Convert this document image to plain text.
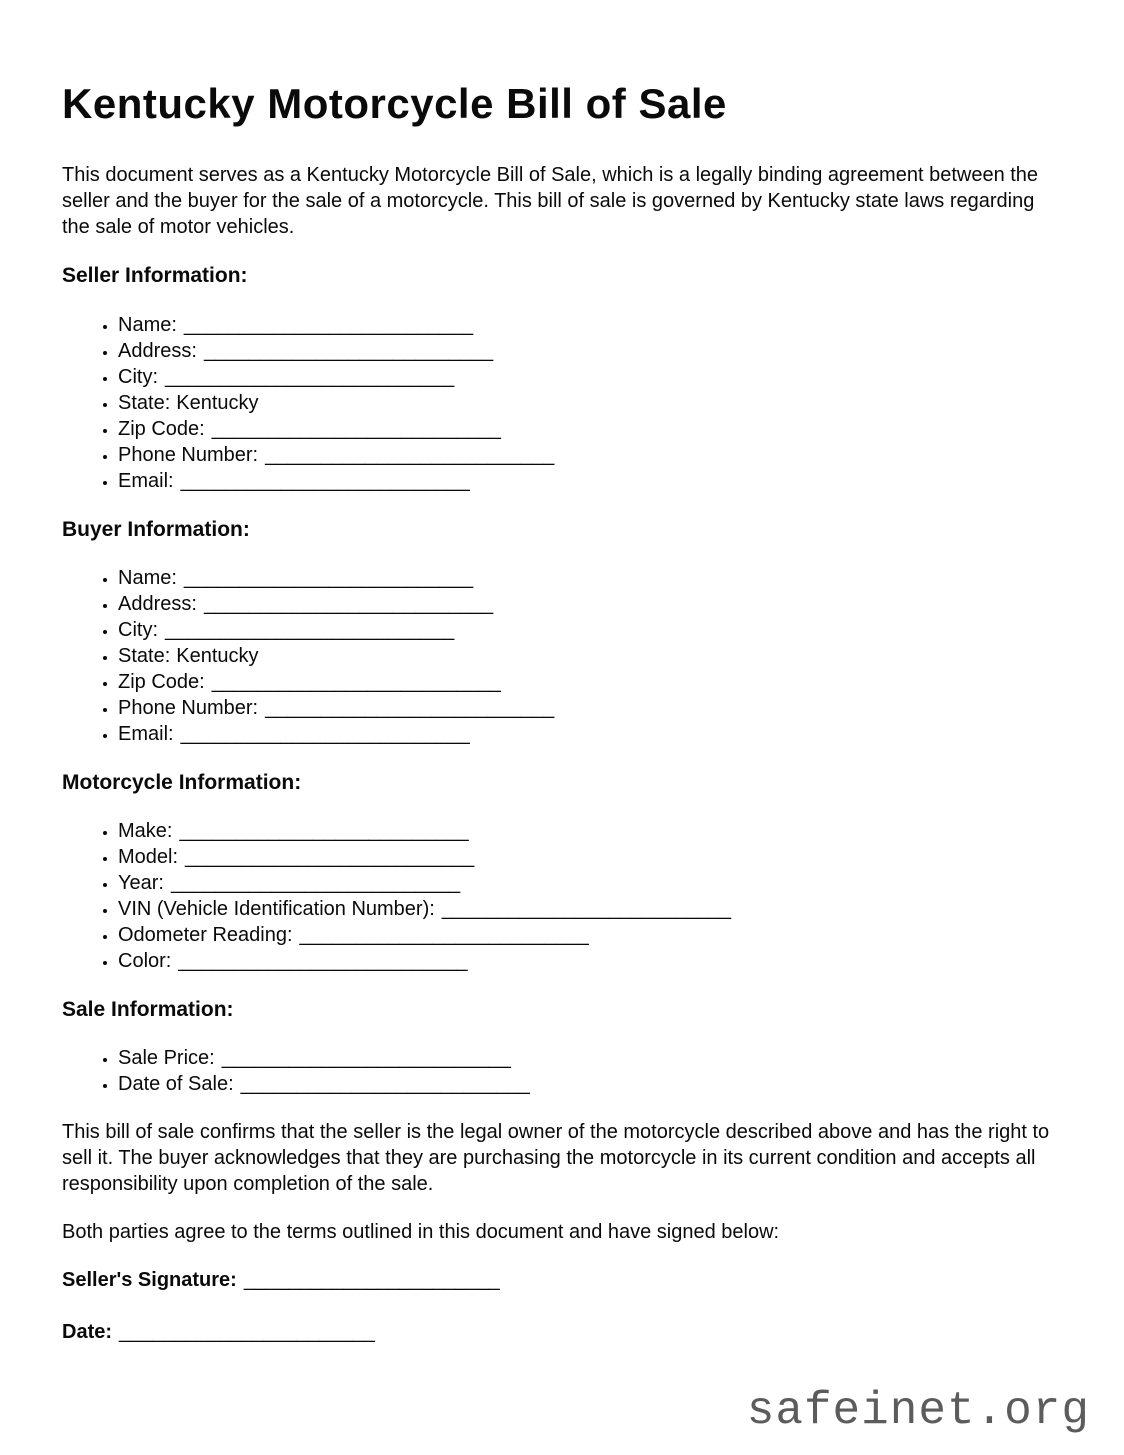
Kentucky Motorcycle Bill of Sale

This document serves as a Kentucky Motorcycle Bill of Sale, which is a legally binding agreement between the seller and the buyer for the sale of a motorcycle. This bill of sale is governed by Kentucky state laws regarding the sale of motor vehicles.

Seller Information:
• Name: __________________________
• Address: __________________________
• City: __________________________
• State: Kentucky
• Zip Code: __________________________
• Phone Number: __________________________
• Email: __________________________
Buyer Information:
• Name: __________________________
• Address: __________________________
• City: __________________________
• State: Kentucky
• Zip Code: __________________________
• Phone Number: __________________________
• Email: __________________________
Motorcycle Information:
• Make: __________________________
• Model: __________________________
• Year: __________________________
• VIN (Vehicle Identification Number): __________________________
• Odometer Reading: __________________________
• Color: __________________________
Sale Information:
• Sale Price: __________________________
• Date of Sale: __________________________

This bill of sale confirms that the seller is the legal owner of the motorcycle described above and has the right to sell it. The buyer acknowledges that they are purchasing the motorcycle in its current condition and accepts all responsibility upon completion of the sale.

Both parties agree to the terms outlined in this document and have signed below:

Seller's Signature: _______________________

Date: _______________________

safeinet.org
